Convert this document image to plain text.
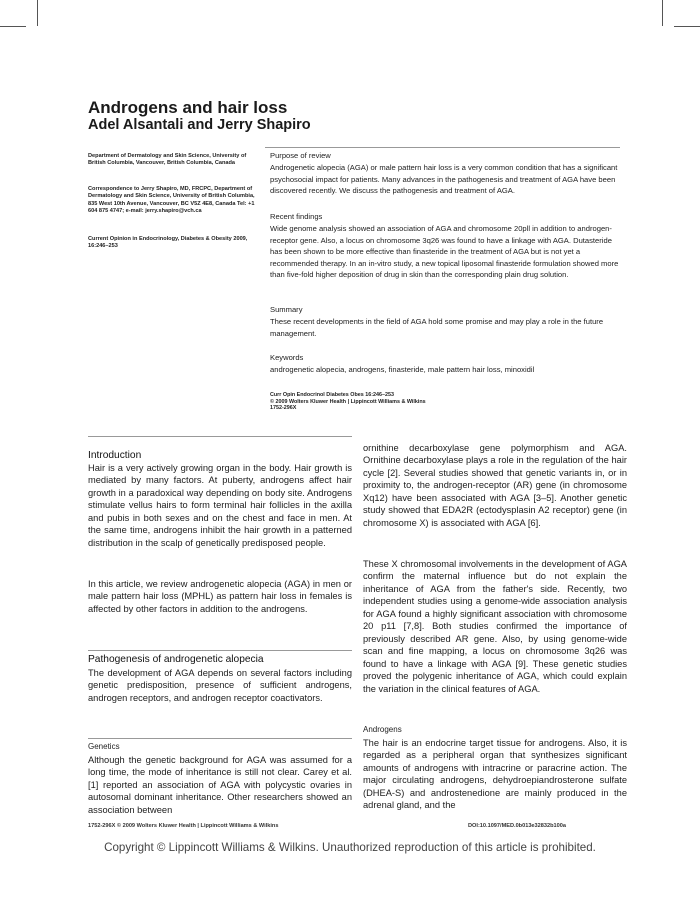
Androgens and hair loss
Adel Alsantali and Jerry Shapiro
Department of Dermatology and Skin Science, University of British Columbia, Vancouver, British Columbia, Canada
Correspondence to Jerry Shapiro, MD, FRCPC, Department of Dermatology and Skin Science, University of British Columbia, 835 West 10th Avenue, Vancouver, BC V5Z 4E8, Canada Tel: +1 604 875 4747; e-mail: jerry.shapiro@vch.ca
Current Opinion in Endocrinology, Diabetes & Obesity 2009, 16:246–253
Purpose of review
Androgenetic alopecia (AGA) or male pattern hair loss is a very common condition that has a significant psychosocial impact for patients. Many advances in the pathogenesis and treatment of AGA have been discovered recently. We discuss the pathogenesis and treatment of AGA.
Recent findings
Wide genome analysis showed an association of AGA and chromosome 20pll in addition to androgen-receptor gene. Also, a locus on chromosome 3q26 was found to have a linkage with AGA. Dutasteride has been shown to be more effective than finasteride in the treatment of AGA but is not yet a recommended therapy. In an in-vitro study, a new topical liposomal finasteride formulation showed more than five-fold higher deposition of drug in skin than the corresponding plain drug solution.
Summary
These recent developments in the field of AGA hold some promise and may play a role in the future management.
Keywords
androgenetic alopecia, androgens, finasteride, male pattern hair loss, minoxidil
Curr Opin Endocrinol Diabetes Obes 16:246–253
© 2009 Wolters Kluwer Health | Lippincott Williams & Wilkins
1752-296X
Introduction
Hair is a very actively growing organ in the body. Hair growth is mediated by many factors. At puberty, androgens affect hair growth in a paradoxical way depending on body site. Androgens stimulate vellus hairs to form terminal hair follicles in the axilla and pubis in both sexes and on the chest and face in men. At the same time, androgens inhibit the hair growth in a patterned distribution in the scalp of genetically predisposed people.
In this article, we review androgenetic alopecia (AGA) in men or male pattern hair loss (MPHL) as pattern hair loss in females is affected by other factors in addition to the androgens.
Pathogenesis of androgenetic alopecia
The development of AGA depends on several factors including genetic predisposition, presence of sufficient androgens, androgen receptors, and androgen receptor coactivators.
Genetics
Although the genetic background for AGA was assumed for a long time, the mode of inheritance is still not clear. Carey et al. [1] reported an association of AGA with polycystic ovaries in autosomal dominant inheritance. Other researchers showed an association between
ornithine decarboxylase gene polymorphism and AGA. Ornithine decarboxylase plays a role in the regulation of the hair cycle [2]. Several studies showed that genetic variants in, or in proximity to, the androgen-receptor (AR) gene (in chromosome Xq12) have been associated with AGA [3–5]. Another genetic study showed that EDA2R (ectodysplasin A2 receptor) gene (in chromosome X) is associated with AGA [6].
These X chromosomal involvements in the development of AGA confirm the maternal influence but do not explain the inheritance of AGA from the father's side. Recently, two independent studies using a genome-wide association analysis for AGA found a highly significant association with chromosome 20 p11 [7,8]. Both studies confirmed the importance of previously described AR gene. Also, by using genome-wide scan and fine mapping, a locus on chromosome 3q26 was found to have a linkage with AGA [9]. These genetic studies proved the polygenic inheritance of AGA, which could explain the variation in the clinical features of AGA.
Androgens
The hair is an endocrine target tissue for androgens. Also, it is regarded as a peripheral organ that synthesizes significant amounts of androgens with intracrine or paracrine action. The major circulating androgens, dehydroepiandrosterone sulfate (DHEA-S) and androstenedione are mainly produced in the adrenal gland, and the
1752-296X © 2009 Wolters Kluwer Health | Lippincott Williams & Wilkins	DOI:10.1097/MED.0b013e32832b100a
Copyright © Lippincott Williams & Wilkins. Unauthorized reproduction of this article is prohibited.
